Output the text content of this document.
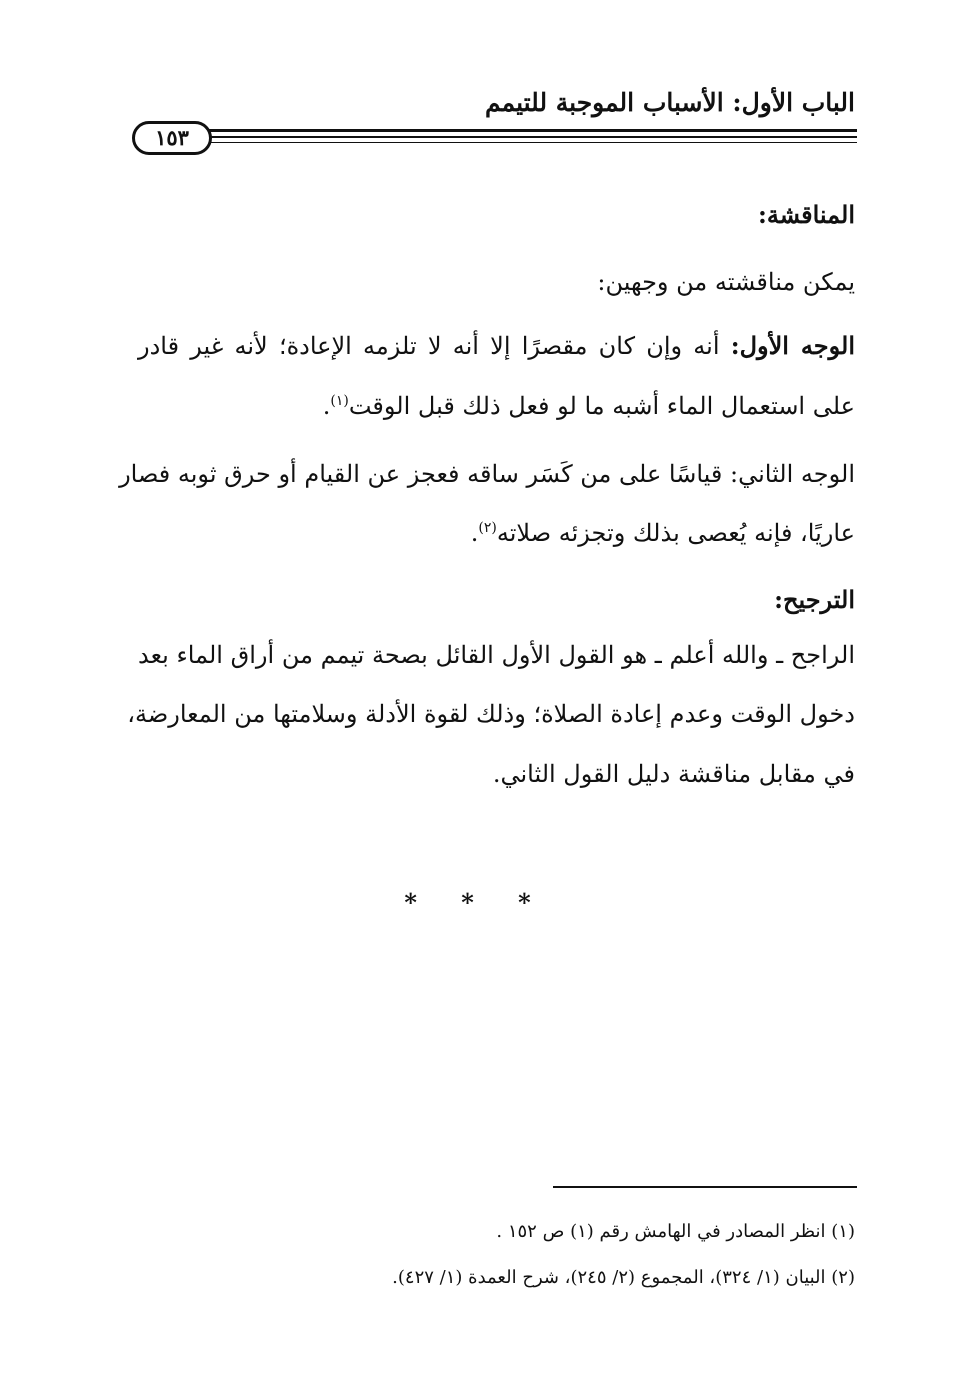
الباب الأول: الأسباب الموجبة للتيمم
١٥٣
المناقشة:
يمكن مناقشته من وجهين:
الوجه الأول: أنه وإن كان مقصرًا إلا أنه لا تلزمه الإعادة؛ لأنه غير قادر
على استعمال الماء أشبه ما لو فعل ذلك قبل الوقت$^{(١)}$.
الوجه الثاني: قياسًا على من كَسَر ساقه فعجز عن القيام أو حرق ثوبه فصار
عاريًا، فإنه يُعصى بذلك وتجزئه صلاته$^{(٢)}$.
الترجيح:
الراجح ـ والله أعلم ـ هو القول الأول القائل بصحة تيمم من أراق الماء بعد
دخول الوقت وعدم إعادة الصلاة؛ وذلك لقوة الأدلة وسلامتها من المعارضة،
في مقابل مناقشة دليل القول الثاني.
* * *
(١) انظر المصادر في الهامش رقم (١) ص ١٥٢ .
(٢) البيان (١/ ٣٢٤)، المجموع (٢/ ٢٤٥)، شرح العمدة (١/ ٤٢٧).
